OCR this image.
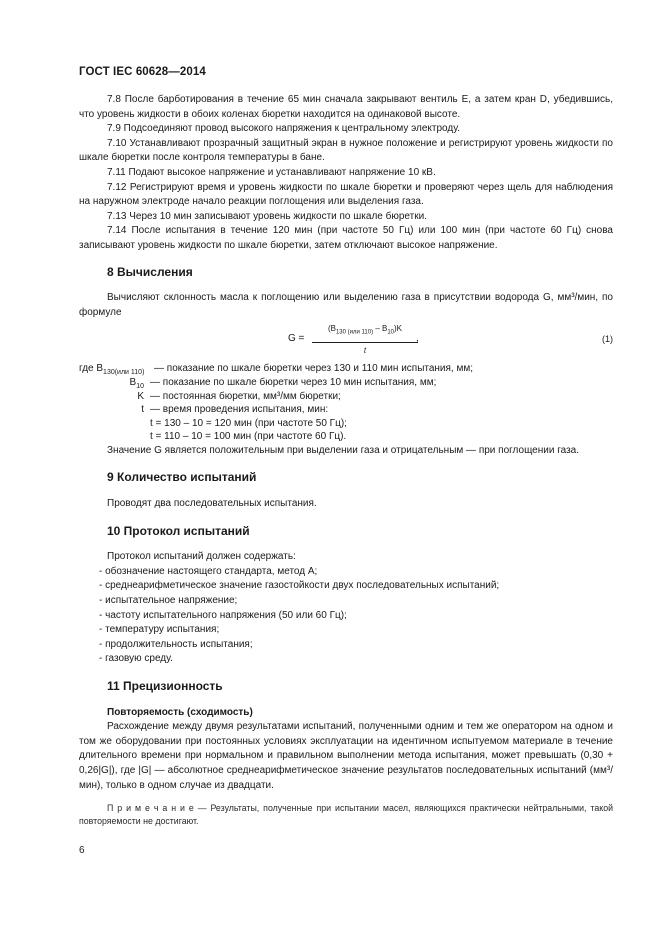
ГОСТ IEC 60628—2014

7.8 После барботирования в течение 65 мин сначала закрывают вентиль E, а затем кран D, убедившись, что уровень жидкости в обоих коленах бюретки находится на одинаковой высоте.

7.9 Подсоединяют провод высокого напряжения к центральному электроду.

7.10 Устанавливают прозрачный защитный экран в нужное положение и регистрируют уровень жидкости по шкале бюретки после контроля температуры в бане.

7.11 Подают высокое напряжение и устанавливают напряжение 10 кВ.

7.12 Регистрируют время и уровень жидкости по шкале бюретки и проверяют через щель для наблюдения на наружном электроде начало реакции поглощения или выделения газа.

7.13 Через 10 мин записывают уровень жидкости по шкале бюретки.

7.14 После испытания в течение 120 мин (при частоте 50 Гц) или 100 мин (при частоте 60 Гц) снова записывают уровень жидкости по шкале бюретки, затем отключают высокое напряжение.

8 Вычисления

Вычисляют склонность масла к поглощению или выделению газа в присутствии водорода G, мм³/мин, по формуле

G =
$(B_{130 (или 110)} - B_{10})K$
t
,	(1)
где $B_{130(или 110)}$ — показание по шкале бюретки через 130 и 110 мин испытания, мм;
$B_{10}$ — показание по шкале бюретки через 10 мин испытания, мм;
K — постоянная бюретки, мм³/мм бюретки;
t — время проведения испытания, мин:
t = 130 – 10 = 120 мин (при частоте 50 Гц);
t = 110 – 10 = 100 мин (при частоте 60 Гц).

Значение G является положительным при выделении газа и отрицательным — при поглощении газа.

9 Количество испытаний

Проводят два последовательных испытания.

10 Протокол испытаний

Протокол испытаний должен содержать:

- обозначение настоящего стандарта, метод А;
- среднеарифметическое значение газостойкости двух последовательных испытаний;
- испытательное напряжение;
- частоту испытательного напряжения (50 или 60 Гц);
- температуру испытания;
- продолжительность испытания;
- газовую среду.
11 Прецизионность

Повторяемость (сходимость)

Расхождение между двумя результатами испытаний, полученными одним и тем же оператором на одном и том же оборудовании при постоянных условиях эксплуатации на идентичном испытуемом материале в течение длительного времени при нормальном и правильном выполнении метода испытания, может превышать (0,30 + 0,26|G|), где |G| — абсолютное среднеарифметическое значение результатов последовательных испытаний (мм³/мин), только в одном случае из двадцати.

П р и м е ч а н и е — Результаты, полученные при испытании масел, являющихся практически нейтральными, такой повторяемости не достигают.

6
